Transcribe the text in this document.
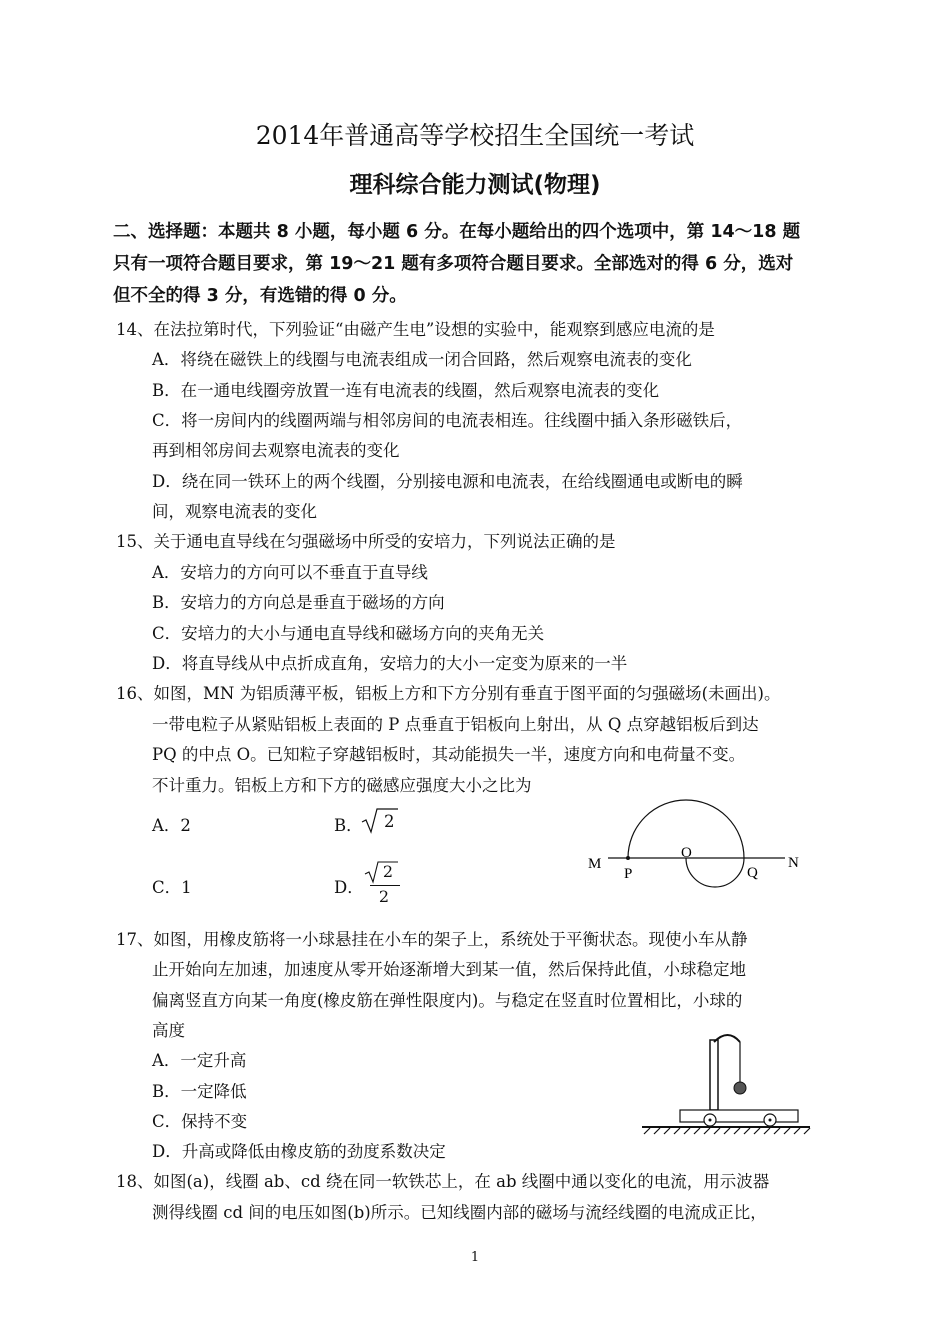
2014年普通高等学校招生全国统一考试
理科综合能力测试(物理)
二、选择题：本题共 8 小题，每小题 6 分。在每小题给出的四个选项中，第 14～18 题
只有一项符合题目要求，第 19～21 题有多项符合题目要求。全部选对的得 6 分，选对
但不全的得 3 分，有选错的得 0 分。
14、在法拉第时代，下列验证“由磁产生电”设想的实验中，能观察到感应电流的是
A．将绕在磁铁上的线圈与电流表组成一闭合回路，然后观察电流表的变化
B．在一通电线圈旁放置一连有电流表的线圈，然后观察电流表的变化
C．将一房间内的线圈两端与相邻房间的电流表相连。往线圈中插入条形磁铁后，
再到相邻房间去观察电流表的变化
D．绕在同一铁环上的两个线圈，分别接电源和电流表，在给线圈通电或断电的瞬
间，观察电流表的变化
15、关于通电直导线在匀强磁场中所受的安培力，下列说法正确的是
A．安培力的方向可以不垂直于直导线
B．安培力的方向总是垂直于磁场的方向
C．安培力的大小与通电直导线和磁场方向的夹角无关
D．将直导线从中点折成直角，安培力的大小一定变为原来的一半
16、如图，MN 为铝质薄平板，铝板上方和下方分别有垂直于图平面的匀强磁场(未画出)。
一带电粒子从紧贴铝板上表面的 P 点垂直于铝板向上射出，从 Q 点穿越铝板后到达
PQ 的中点 O。已知粒子穿越铝板时，其动能损失一半，速度方向和电荷量不变。
不计重力。铝板上方和下方的磁感应强度大小之比为
A．2	B． 2
C．1	D．
2
2
M	N
P
O
Q
17、如图，用橡皮筋将一小球悬挂在小车的架子上，系统处于平衡状态。现使小车从静
止开始向左加速，加速度从零开始逐渐增大到某一值，然后保持此值，小球稳定地
偏离竖直方向某一角度(橡皮筋在弹性限度内)。与稳定在竖直时位置相比，小球的
高度
A．一定升高
B．一定降低
C．保持不变
D．升高或降低由橡皮筋的劲度系数决定
18、如图(a)，线圈 ab、cd 绕在同一软铁芯上，在 ab 线圈中通以变化的电流，用示波器
测得线圈 cd 间的电压如图(b)所示。已知线圈内部的磁场与流经线圈的电流成正比，
1
